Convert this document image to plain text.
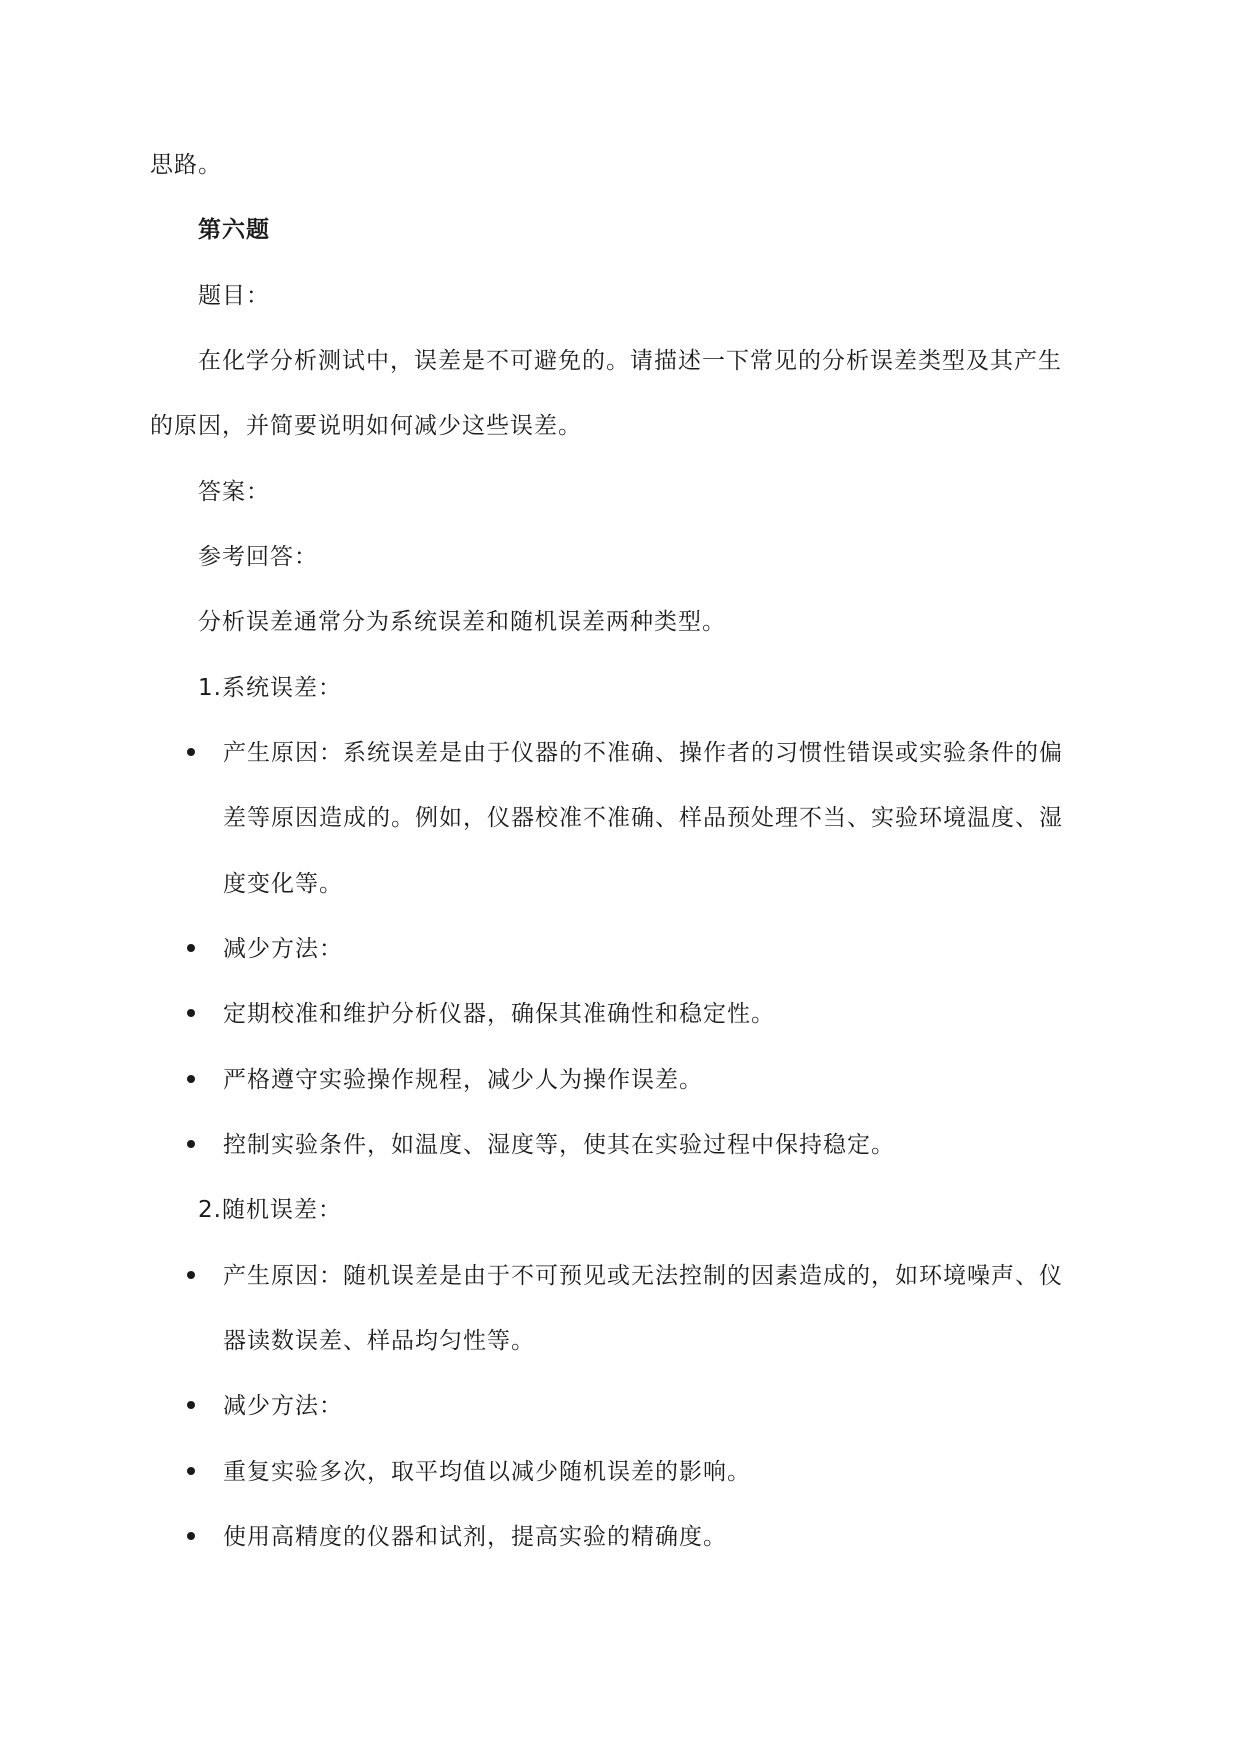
思路。
第六题
题目：
在化学分析测试中，误差是不可避免的。请描述一下常见的分析误差类型及其产生
的原因，并简要说明如何减少这些误差。
答案：
参考回答：
分析误差通常分为系统误差和随机误差两种类型。
1.系统误差：
产生原因：系统误差是由于仪器的不准确、操作者的习惯性错误或实验条件的偏
差等原因造成的。例如，仪器校准不准确、样品预处理不当、实验环境温度、湿
度变化等。
减少方法：
定期校准和维护分析仪器，确保其准确性和稳定性。
严格遵守实验操作规程，减少人为操作误差。
控制实验条件，如温度、湿度等，使其在实验过程中保持稳定。
2.随机误差：
产生原因：随机误差是由于不可预见或无法控制的因素造成的，如环境噪声、仪
器读数误差、样品均匀性等。
减少方法：
重复实验多次，取平均值以减少随机误差的影响。
使用高精度的仪器和试剂，提高实验的精确度。
